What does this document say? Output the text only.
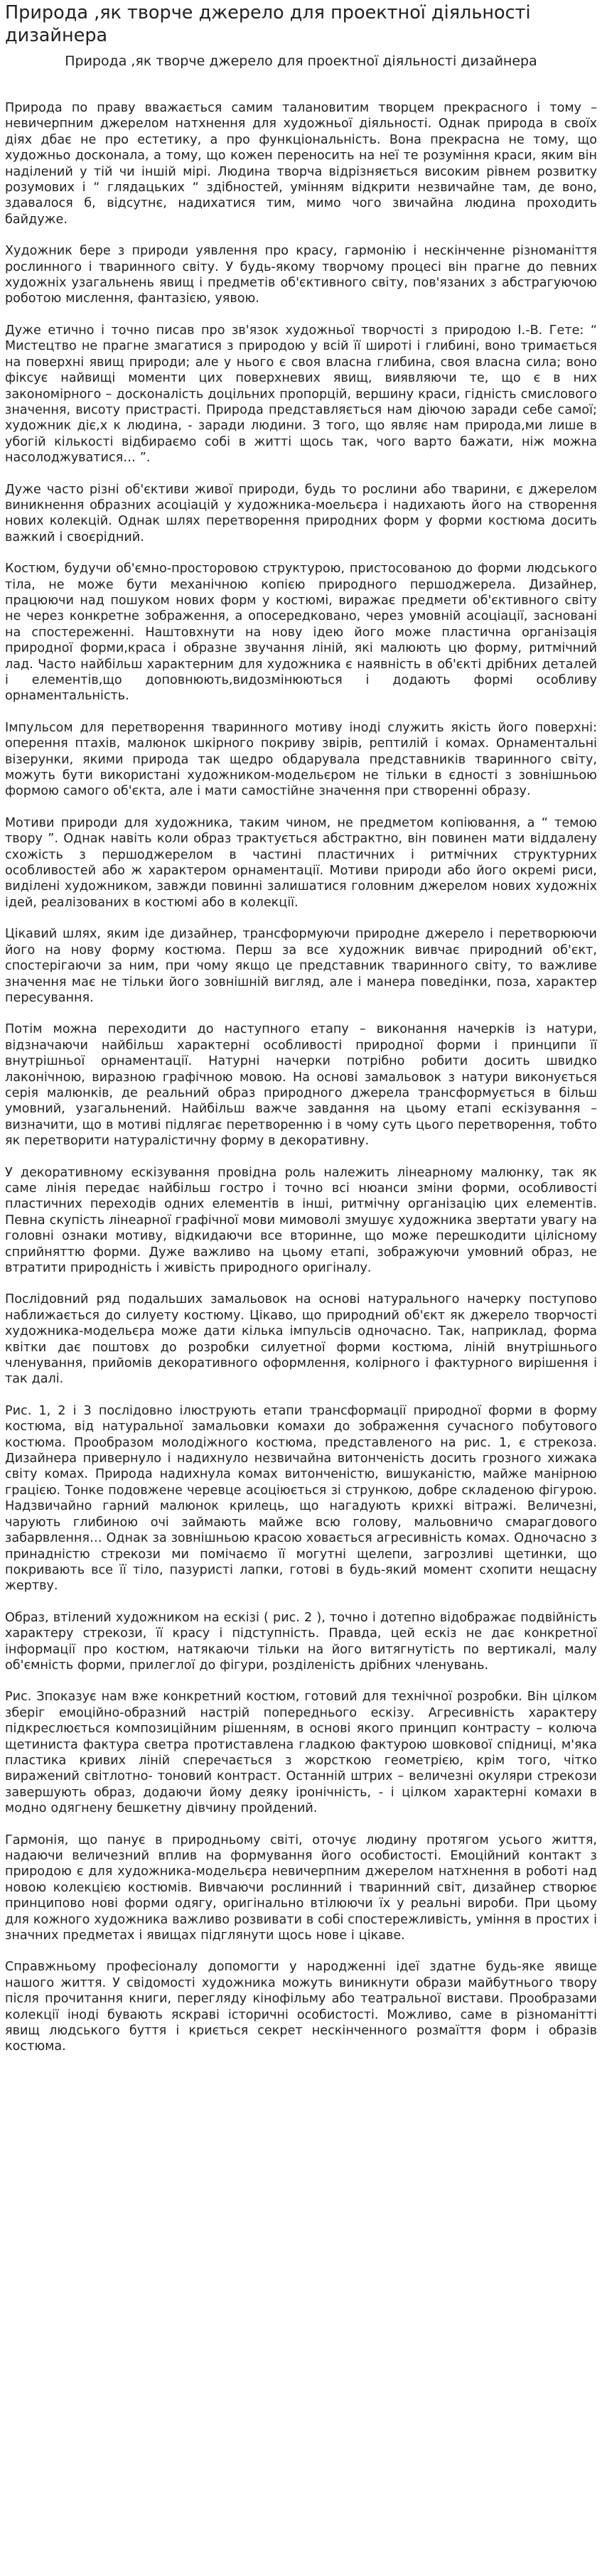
Природа ,як творче джерело для проектної діяльності дизайнера
Природа ,як творче джерело для проектної діяльності дизайнера

Природа по праву вважається самим талановитим творцем прекрасного і тому – невичерпним джерелом натхнення для художньої діяльності. Однак природа в своїх діях дбає не про естетику, а про функціональність. Вона прекрасна не тому, що художньо досконала, а тому, що кожен переносить на неї те розуміння краси, яким він наділений у тій чи іншій мірі. Людина творча відрізняється високим рівнем розвитку розумових і “ глядацьких “ здібностей, умінням відкрити незвичайне там, де воно, здавалося б, відсутнє, надихатися тим, мимо чого звичайна людина проходить байдуже.

Художник бере з природи уявлення про красу, гармонію і нескінченне різноманіття рослинного і тваринного світу. У будь-якому творчому процесі він прагне до певних художніх узагальнень явищ і предметів об'єктивного світу, пов'язаних з абстрагуючою роботою мислення, фантазією, уявою.

Дуже етично і точно писав про зв'язок художньої творчості з природою І.-В. Гете: “ Мистецтво не прагне змагатися з природою у всій її широті і глибині, воно тримається на поверхні явищ природи; але у нього є своя власна глибина, своя власна сила; воно фіксує найвищі моменти цих поверхневих явищ, виявляючи те, що є в них закономірного – досконалість доцільних пропорцій, вершину краси, гідність смислового значення, висоту пристрасті. Природа представляється нам діючою заради себе самої; художник діє,х к людина, - заради людини. З того, що являє нам природа,ми лише в убогій кількості відбираємо собі в житті щось так, чого варто бажати, ніж можна насолоджуватися… ”.

Дуже часто різні об'єктиви живої природи, будь то рослини або тварини, є джерелом виникнення образних асоціацій у художника-моельєра і надихають його на створення нових колекцій. Однак шлях перетворення природних форм у форми костюма досить важкий і своєрідний.

Костюм, будучи об'ємно-просторовою структурою, пристосованою до форми людського тіла, не може бути механічною копією природного першоджерела. Дизайнер, працюючи над пошуком нових форм у костюмі, виражає предмети об'єктивного світу не через конкретне зображення, а опосередковано, через умовній асоціації, засновані на спостереженні. Наштовхнути на нову ідею його може пластична організація природної форми,краса і образне звучання ліній, які малюють цю форму, ритмічний лад. Часто найбільш характерним для художника є наявність в об'єкті дрібних деталей і елементів,що доповнюють,видозмінюються і додають формі особливу орнаментальність.

Імпульсом для перетворення тваринного мотиву іноді служить якість його поверхні: оперення птахів, малюнок шкірного покриву звірів, рептилій і комах. Орнаментальні візерунки, якими природа так щедро обдарувала представників тваринного світу, можуть бути використані художником-модельєром не тільки в єдності з зовнішньою формою самого об'єкта, але і мати самостійне значення при створенні образу.

Мотиви природи для художника, таким чином, не предметом копіювання, а “ темою твору ”. Однак навіть коли образ трактується абстрактно, він повинен мати віддалену схожість з першоджерелом в частині пластичних і ритмічних структурних особливостей або ж характером орнаментації. Мотиви природи або його окремі риси, виділені художником, завжди повинні залишатися головним джерелом нових художніх ідей, реалізованих в костюмі або в колекції.

Цікавий шлях, яким іде дизайнер, трансформуючи природне джерело і перетворюючи його на нову форму костюма. Перш за все художник вивчає природний об'єкт, спостерігаючи за ним, при чому якщо це представник тваринного світу, то важливе значення має не тільки його зовнішній вигляд, але і манера поведінки, поза, характер пересування.

Потім можна переходити до наступного етапу – виконання начерків із натури, відзначаючи найбільш характерні особливості природної форми і принципи її внутрішньої орнаментації. Натурні начерки потрібно робити досить швидко лаконічною, виразною графічною мовою. На основі замальовок з натури виконується серія малюнків, де реальний образ природного джерела трансформується в більш умовний, узагальнений. Найбільш важче завдання на цьому етапі ескізування – визначити, що в мотиві підлягає перетворенню і в чому суть цього перетворення, тобто як перетворити натуралістичну форму в декоративну.

У декоративному ескізування провідна роль належить лінеарному малюнку, так як саме лінія передає найбільш гостро і точно всі нюанси зміни форми, особливості пластичних переходів одних елементів в інші, ритмічну організацію цих елементів. Певна скупість лінеарної графічної мови мимоволі змушує художника звертати увагу на головні ознаки мотиву, відкидаючи все вторинне, що може перешкодити цілісному сприйняттю форми. Дуже важливо на цьому етапі, зображуючи умовний образ, не втратити природність і живість природного оригіналу.

Послідовний ряд подальших замальовок на основі натурального начерку поступово наближається до силуету костюму. Цікаво, що природний об'єкт як джерело творчості художника-модельєра може дати кілька імпульсів одночасно. Так, наприклад, форма квітки дає поштовх до розробки силуетної форми костюма, ліній внутрішнього членування, прийомів декоративного оформлення, колірного і фактурного вирішення і так далі.

Рис. 1, 2 і 3 послідовно ілюструють етапи трансформації природної форми в форму костюма, від натуральної замальовки комахи до зображення сучасного побутового костюма. Прообразом молодіжного костюма, представленого на рис. 1, є стрекоза. Дизайнера привернуло і надихнуло незвичайна витонченість досить грозного хижака світу комах. Природа надихнула комах витонченістю, вишуканістю, майже манірною грацією. Тонке подовжене черевце асоціюється зі стрункою, добре складеною фігурою. Надзвичайно гарний малюнок крилець, що нагадують крихкі вітражі. Величезні, чарують глибиною очі займають майже всю голову, мальовничо смарагдового забарвлення… Однак за зовнішньою красою ховається агресивність комах. Одночасно з принадністю стрекози ми помічаємо її могутні щелепи, загрозливі щетинки, що покривають все її тіло, пазуристі лапки, готові в будь-який момент схопити нещасну жертву.

Образ, втілений художником на ескізі ( рис. 2 ), точно і дотепно відображає подвійність характеру стрекози, її красу і підступність. Правда, цей ескіз не дає конкретної інформації про костюм, натякаючи тільки на його витягнутість по вертикалі, малу об'ємність форми, прилеглої до фігури, розділеність дрібних членувань.

Рис. Зпоказує нам вже конкретний костюм, готовий для технічної розробки. Він цілком зберіг емоційно-образний настрій попереднього ескізу. Агресивність характеру підкреслюється композиційним рішенням, в основі якого принцип контрасту – колюча щетиниста фактура светра протиставлена гладкою фактурою шовкової спідниці, м'яка пластика кривих ліній сперечається з жорсткою геометрією, крім того, чітко виражений світлотно- тоновий контраст. Останній штрих – величезні окуляри стрекози завершують образ, додаючи йому деяку іронічність, - і цілком характерні комахи в модно одягнену бешкетну дівчину пройдений.

Гармонія, що панує в природньому світі, оточує людину протягом усього життя, надаючи величезний вплив на формування його особистості. Емоційний контакт з природою є для художника-модельєра невичерпним джерелом натхнення в роботі над новою колекцією костюмів. Вивчаючи рослинний і тваринний світ, дизайнер створює принципово нові форми одягу, оригінально втілюючи їх у реальні вироби. При цьому для кожного художника важливо розвивати в собі спостережливість, уміння в простих і значних предметах і явищах підглянути щось нове і цікаве.

Справжньому професіоналу допомогти у народженні ідеї здатне будь-яке явище нашого життя. У свідомості художника можуть виникнути образи майбутнього твору після прочитання книги, перегляду кінофільму або театральної вистави. Прообразами колекції іноді бувають яскраві історичні особистості. Можливо, саме в різноманітті явищ людського буття і криється секрет нескінченного розмаїття форм і образів костюма.
